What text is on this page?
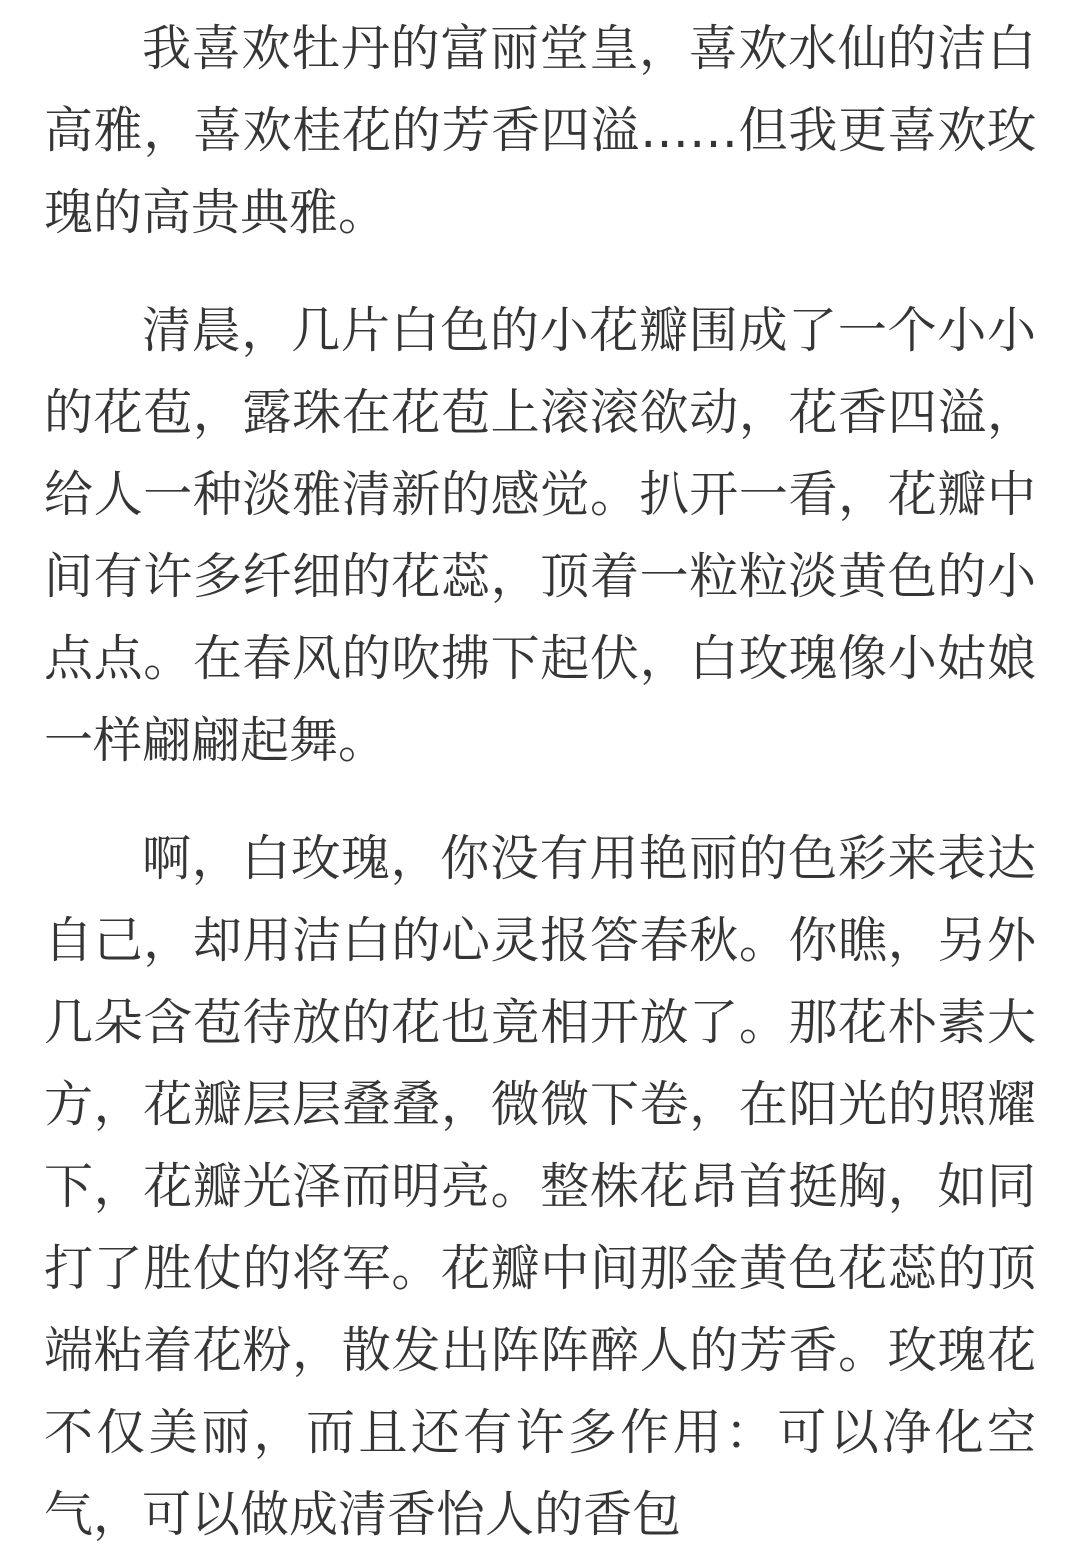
我喜欢牡丹的富丽堂皇，喜欢水仙的洁白高雅，喜欢桂花的芳香四溢……但我更喜欢玫瑰的高贵典雅。

清晨，几片白色的小花瓣围成了一个小小的花苞，露珠在花苞上滚滚欲动，花香四溢，给人一种淡雅清新的感觉。扒开一看，花瓣中间有许多纤细的花蕊，顶着一粒粒淡黄色的小点点。在春风的吹拂下起伏，白玫瑰像小姑娘一样翩翩起舞。

啊，白玫瑰，你没有用艳丽的色彩来表达自己，却用洁白的心灵报答春秋。你瞧，另外几朵含苞待放的花也竟相开放了。那花朴素大方，花瓣层层叠叠，微微下卷，在阳光的照耀下，花瓣光泽而明亮。整株花昂首挺胸，如同打了胜仗的将军。花瓣中间那金黄色花蕊的顶端粘着花粉，散发出阵阵醉人的芳香。玫瑰花不仅美丽，而且还有许多作用：可以净化空气，可以做成清香怡人的香包
